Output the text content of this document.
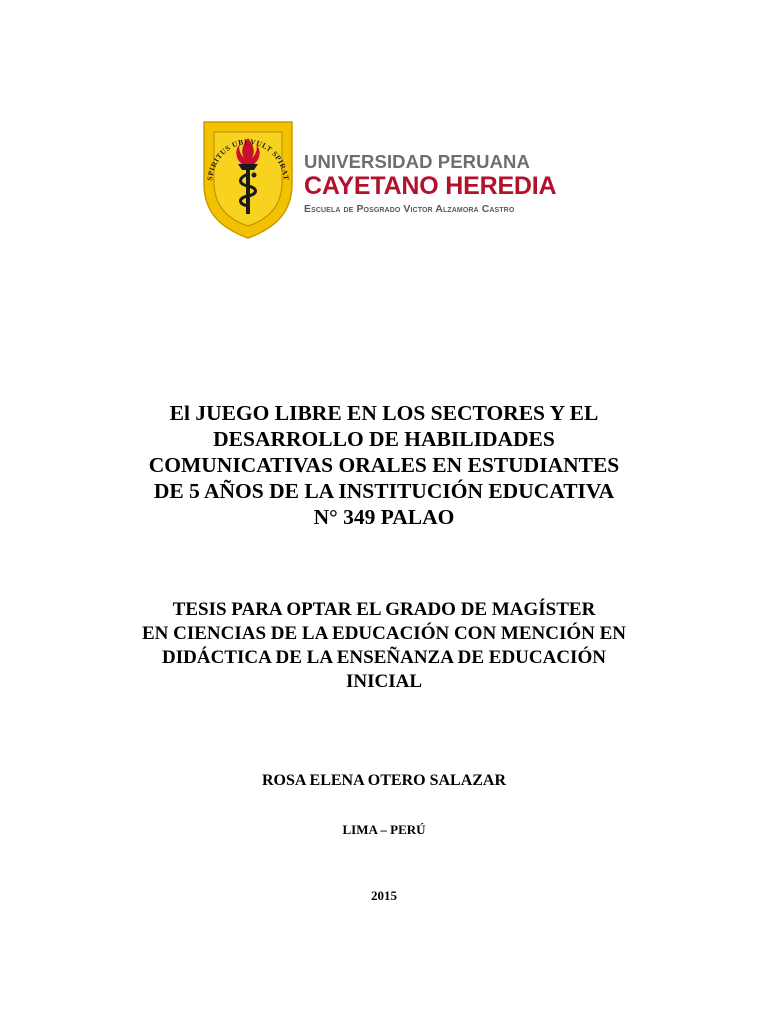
SPIRITUS UBI VULT SPIRAT
UNIVERSIDAD PERUANA
CAYETANO HEREDIA
Escuela de Posgrado Victor Alzamora Castro
El JUEGO LIBRE EN LOS SECTORES Y EL
DESARROLLO DE HABILIDADES
COMUNICATIVAS ORALES EN ESTUDIANTES
DE 5 AÑOS DE LA INSTITUCIÓN EDUCATIVA
N° 349 PALAO
TESIS PARA OPTAR EL GRADO DE MAGÍSTER
EN CIENCIAS DE LA EDUCACIÓN CON MENCIÓN EN
DIDÁCTICA DE LA ENSEÑANZA DE EDUCACIÓN
INICIAL
ROSA ELENA OTERO SALAZAR
LIMA – PERÚ
2015
